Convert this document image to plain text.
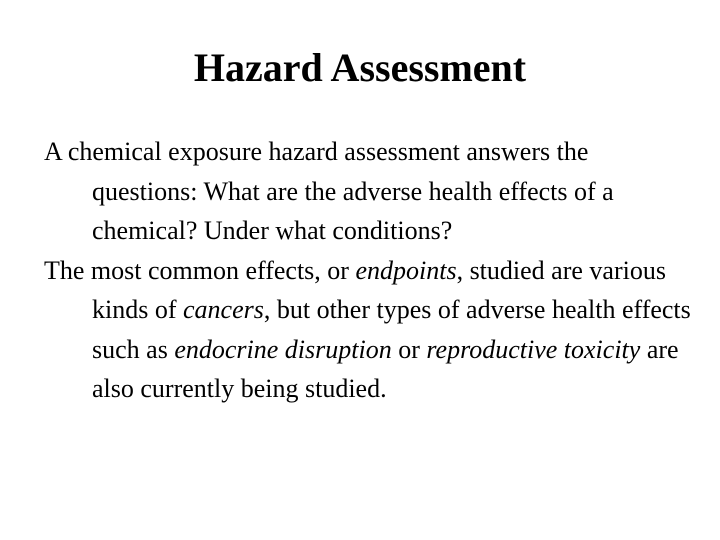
Hazard Assessment

A chemical exposure hazard assessment answers the questions: What are the adverse health effects of a chemical? Under what conditions?

The most common effects, or endpoints, studied are various kinds of cancers, but other types of adverse health effects such as endocrine disruption or reproductive toxicity are also currently being studied.
